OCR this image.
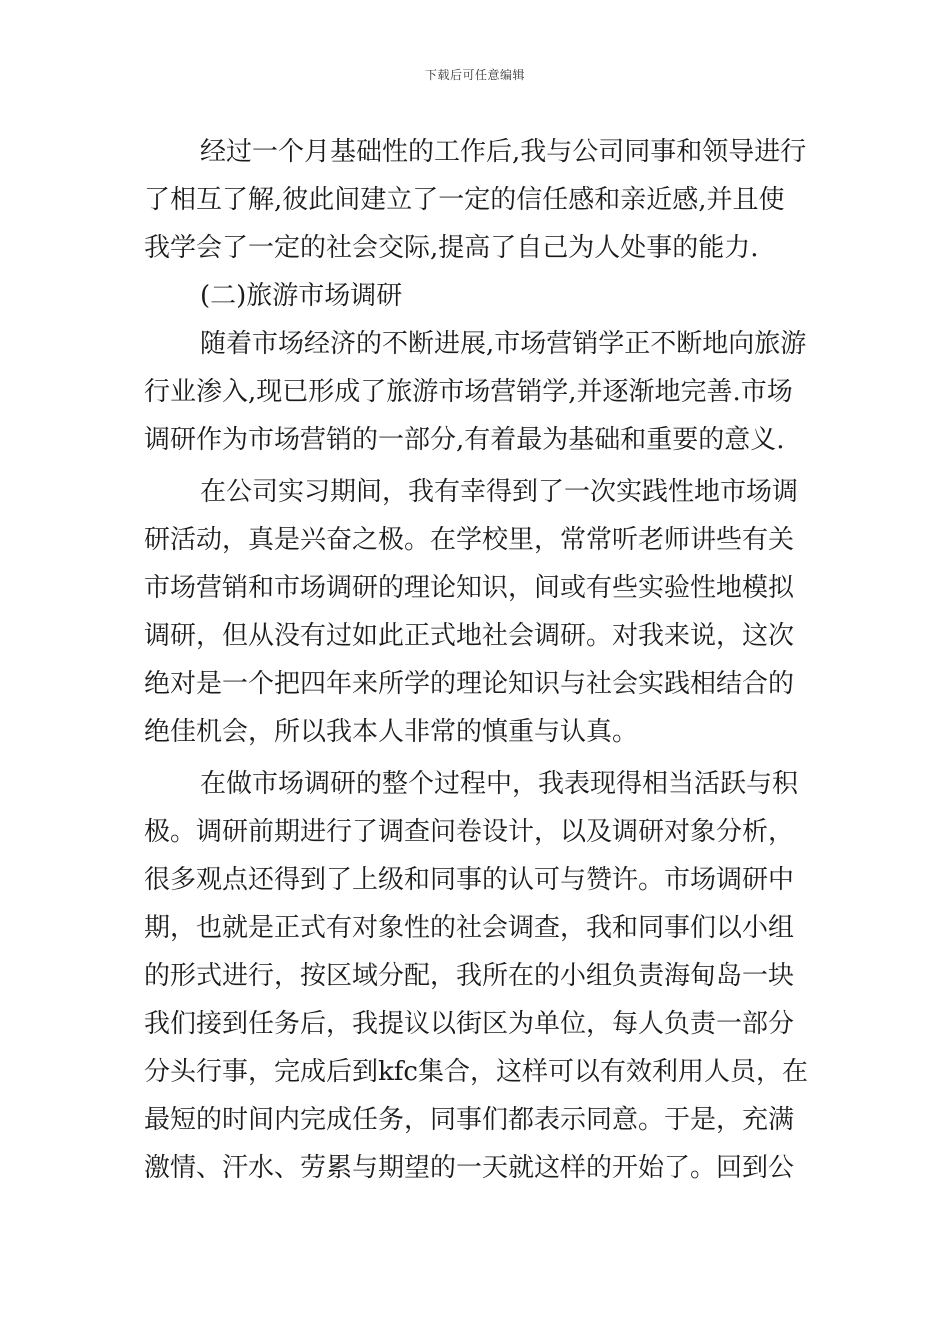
下载后可任意编辑
经过一个月基础性的工作后,我与公司同事和领导进行
了相互了解,彼此间建立了一定的信任感和亲近感,并且使
我学会了一定的社会交际,提高了自己为人处事的能力.
(二)旅游市场调研
随着市场经济的不断进展,市场营销学正不断地向旅游
行业渗入,现已形成了旅游市场营销学,并逐渐地完善.市场
调研作为市场营销的一部分,有着最为基础和重要的意义.
在公司实习期间，我有幸得到了一次实践性地市场调
研活动，真是兴奋之极。在学校里，常常听老师讲些有关
市场营销和市场调研的理论知识，间或有些实验性地模拟
调研，但从没有过如此正式地社会调研。对我来说，这次
绝对是一个把四年来所学的理论知识与社会实践相结合的
绝佳机会，所以我本人非常的慎重与认真。
在做市场调研的整个过程中，我表现得相当活跃与积
极。调研前期进行了调查问卷设计，以及调研对象分析，
很多观点还得到了上级和同事的认可与赞许。市场调研中
期，也就是正式有对象性的社会调查，我和同事们以小组
的形式进行，按区域分配，我所在的小组负责海甸岛一块
我们接到任务后，我提议以街区为单位，每人负责一部分
分头行事，完成后到kfc集合，这样可以有效利用人员，在
最短的时间内完成任务，同事们都表示同意。于是，充满
激情、汗水、劳累与期望的一天就这样的开始了。回到公
